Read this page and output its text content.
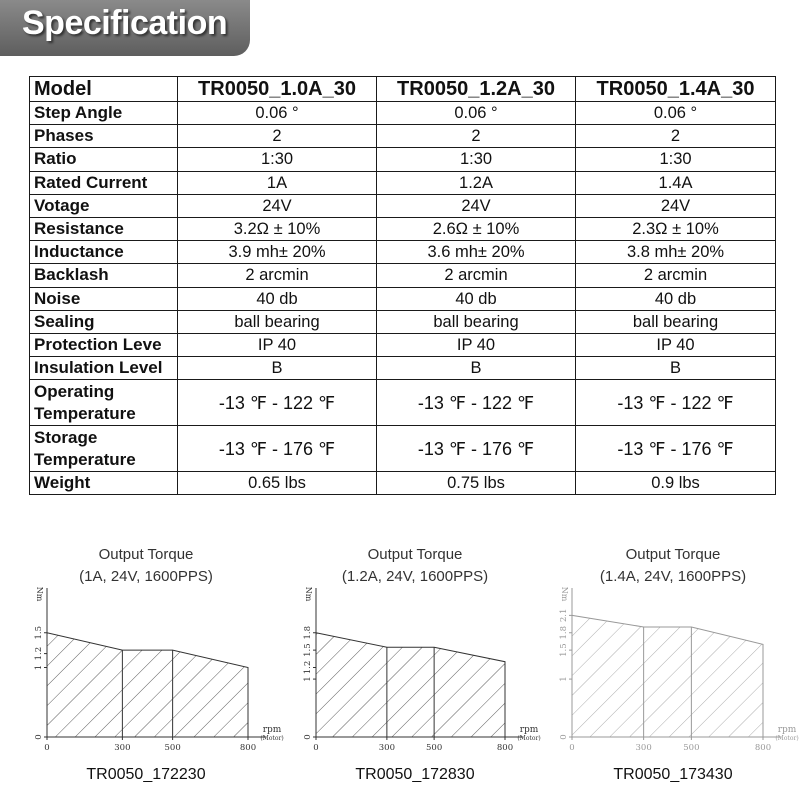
Specification
Model	TR0050_1.0A_30	TR0050_1.2A_30	TR0050_1.4A_30
Step Angle	0.06 °	0.06 °	0.06 °
Phases	2	2	2
Ratio	1:30	1:30	1:30
Rated Current	1A	1.2A	1.4A
Votage	24V	24V	24V
Resistance	3.2Ω ± 10%	2.6Ω ± 10%	2.3Ω ± 10%
Inductance	3.9 mh± 20%	3.6 mh± 20%	3.8 mh± 20%
Backlash	2 arcmin	2 arcmin	2 arcmin
Noise	40 db	40 db	40 db
Sealing	ball bearing	ball bearing	ball bearing
Protection Leve	IP 40	IP 40	IP 40
Insulation Level	B	B	B
Operating Temperature	-13 ℉ - 122 ℉	-13 ℉ - 122 ℉	-13 ℉ - 122 ℉
Storage Temperature	-13 ℉ - 176 ℉	-13 ℉ - 176 ℉	-13 ℉ - 176 ℉
Weight	0.65 lbs	0.75 lbs	0.9 lbs
Output Torque
(1A, 24V, 1600PPS)
TR0050_172230
0	300	500	800
0
1
1.2
1.5
Nm
rpm
(Motor)
Output Torque
(1.2A, 24V, 1600PPS)
TR0050_172830
0	300	500	800
0
1
1.2
1.5
1.8
Nm
rpm
(Motor)
Output Torque
(1.4A, 24V, 1600PPS)
TR0050_173430
0	300	500	800
0
1
1.5
1.8
2.1
Nm
rpm
(Motor)
